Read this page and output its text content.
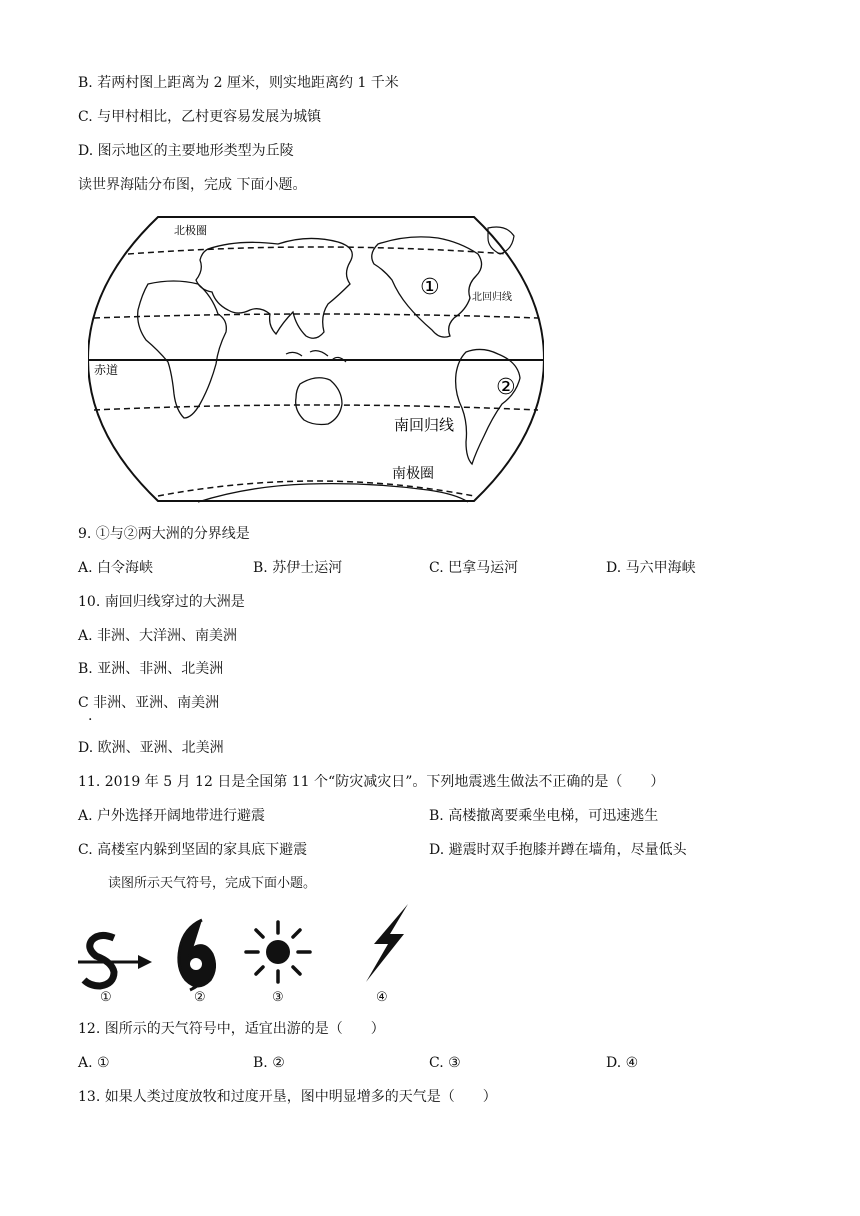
B. 若两村图上距离为 2 厘米，则实地距离约 1 千米
C. 与甲村相比，乙村更容易发展为城镇
D. 图示地区的主要地形类型为丘陵
读世界海陆分布图，完成 下面小题。
北极圈
北回归线
赤道
南回归线
南极圈
①
②
9. ①与②两大洲的分界线是
A. 白令海峡	B. 苏伊士运河	C. 巴拿马运河	D. 马六甲海峡
10. 南回归线穿过的大洲是
A. 非洲、大洋洲、南美洲
B. 亚洲、非洲、北美洲
C 非洲、亚洲、南美洲
.
D. 欧洲、亚洲、北美洲
11. 2019 年 5 月 12 日是全国第 11 个“防灾减灾日”。下列地震逃生做法不正确的是（　　）
A. 户外选择开阔地带进行避震	B. 高楼撤离要乘坐电梯，可迅速逃生
C. 高楼室内躲到坚固的家具底下避震	D. 避震时双手抱膝并蹲在墙角，尽量低头
读图所示天气符号，完成下面小题。
①	②	③	④
12. 图所示的天气符号中，适宜出游的是（　　）
A. ①	B. ②	C. ③	D. ④
13. 如果人类过度放牧和过度开垦，图中明显增多的天气是（　　）
